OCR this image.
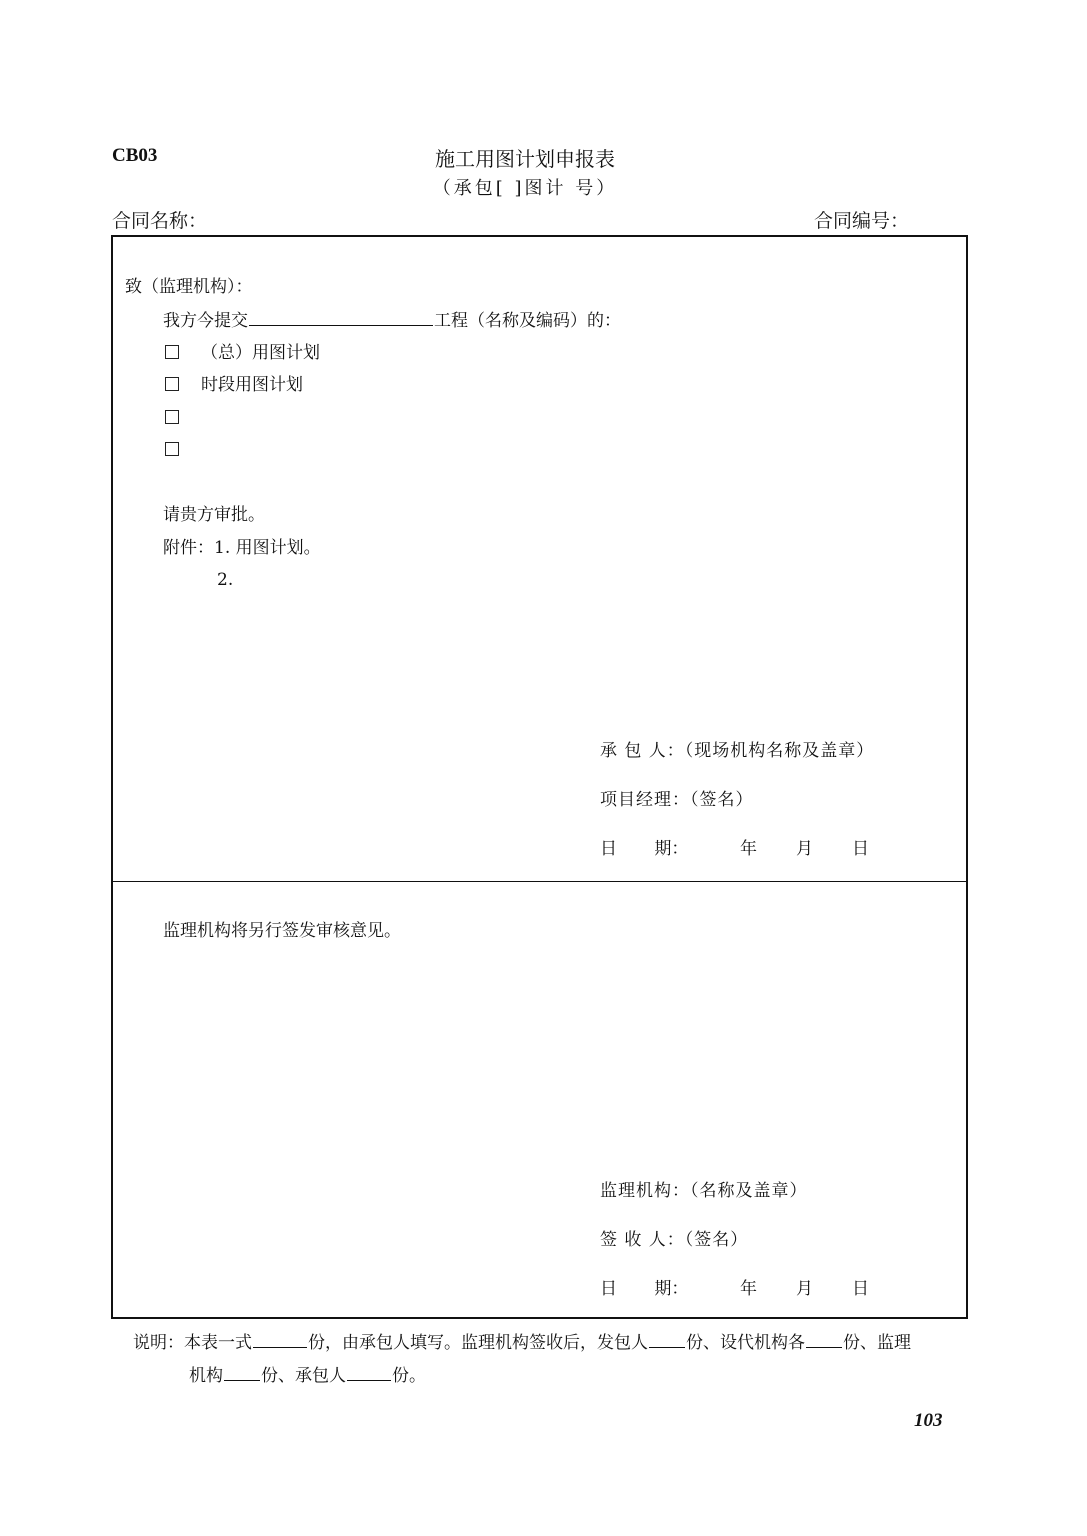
CB03	施工用图计划申报表
（承包[ ]图计 号）
合同名称：	合同编号：
致（监理机构）：
我方今提交	工程（名称及编码）的：
（总）用图计划
时段用图计划
请贵方审批。
附件：1. 用图计划。
2.
承 包 人：（现场机构名称及盖章）
项目经理：（签名）
日 期：	年 月 日
监理机构将另行签发审核意见。
监理机构：（名称及盖章）
签 收 人：（签名）
日 期：	年 月 日
说明：本表一式	份，由承包人填写。监理机构签收后，发包人 份、设代机构各 份、监理
机构 份、承包人	份。
103
